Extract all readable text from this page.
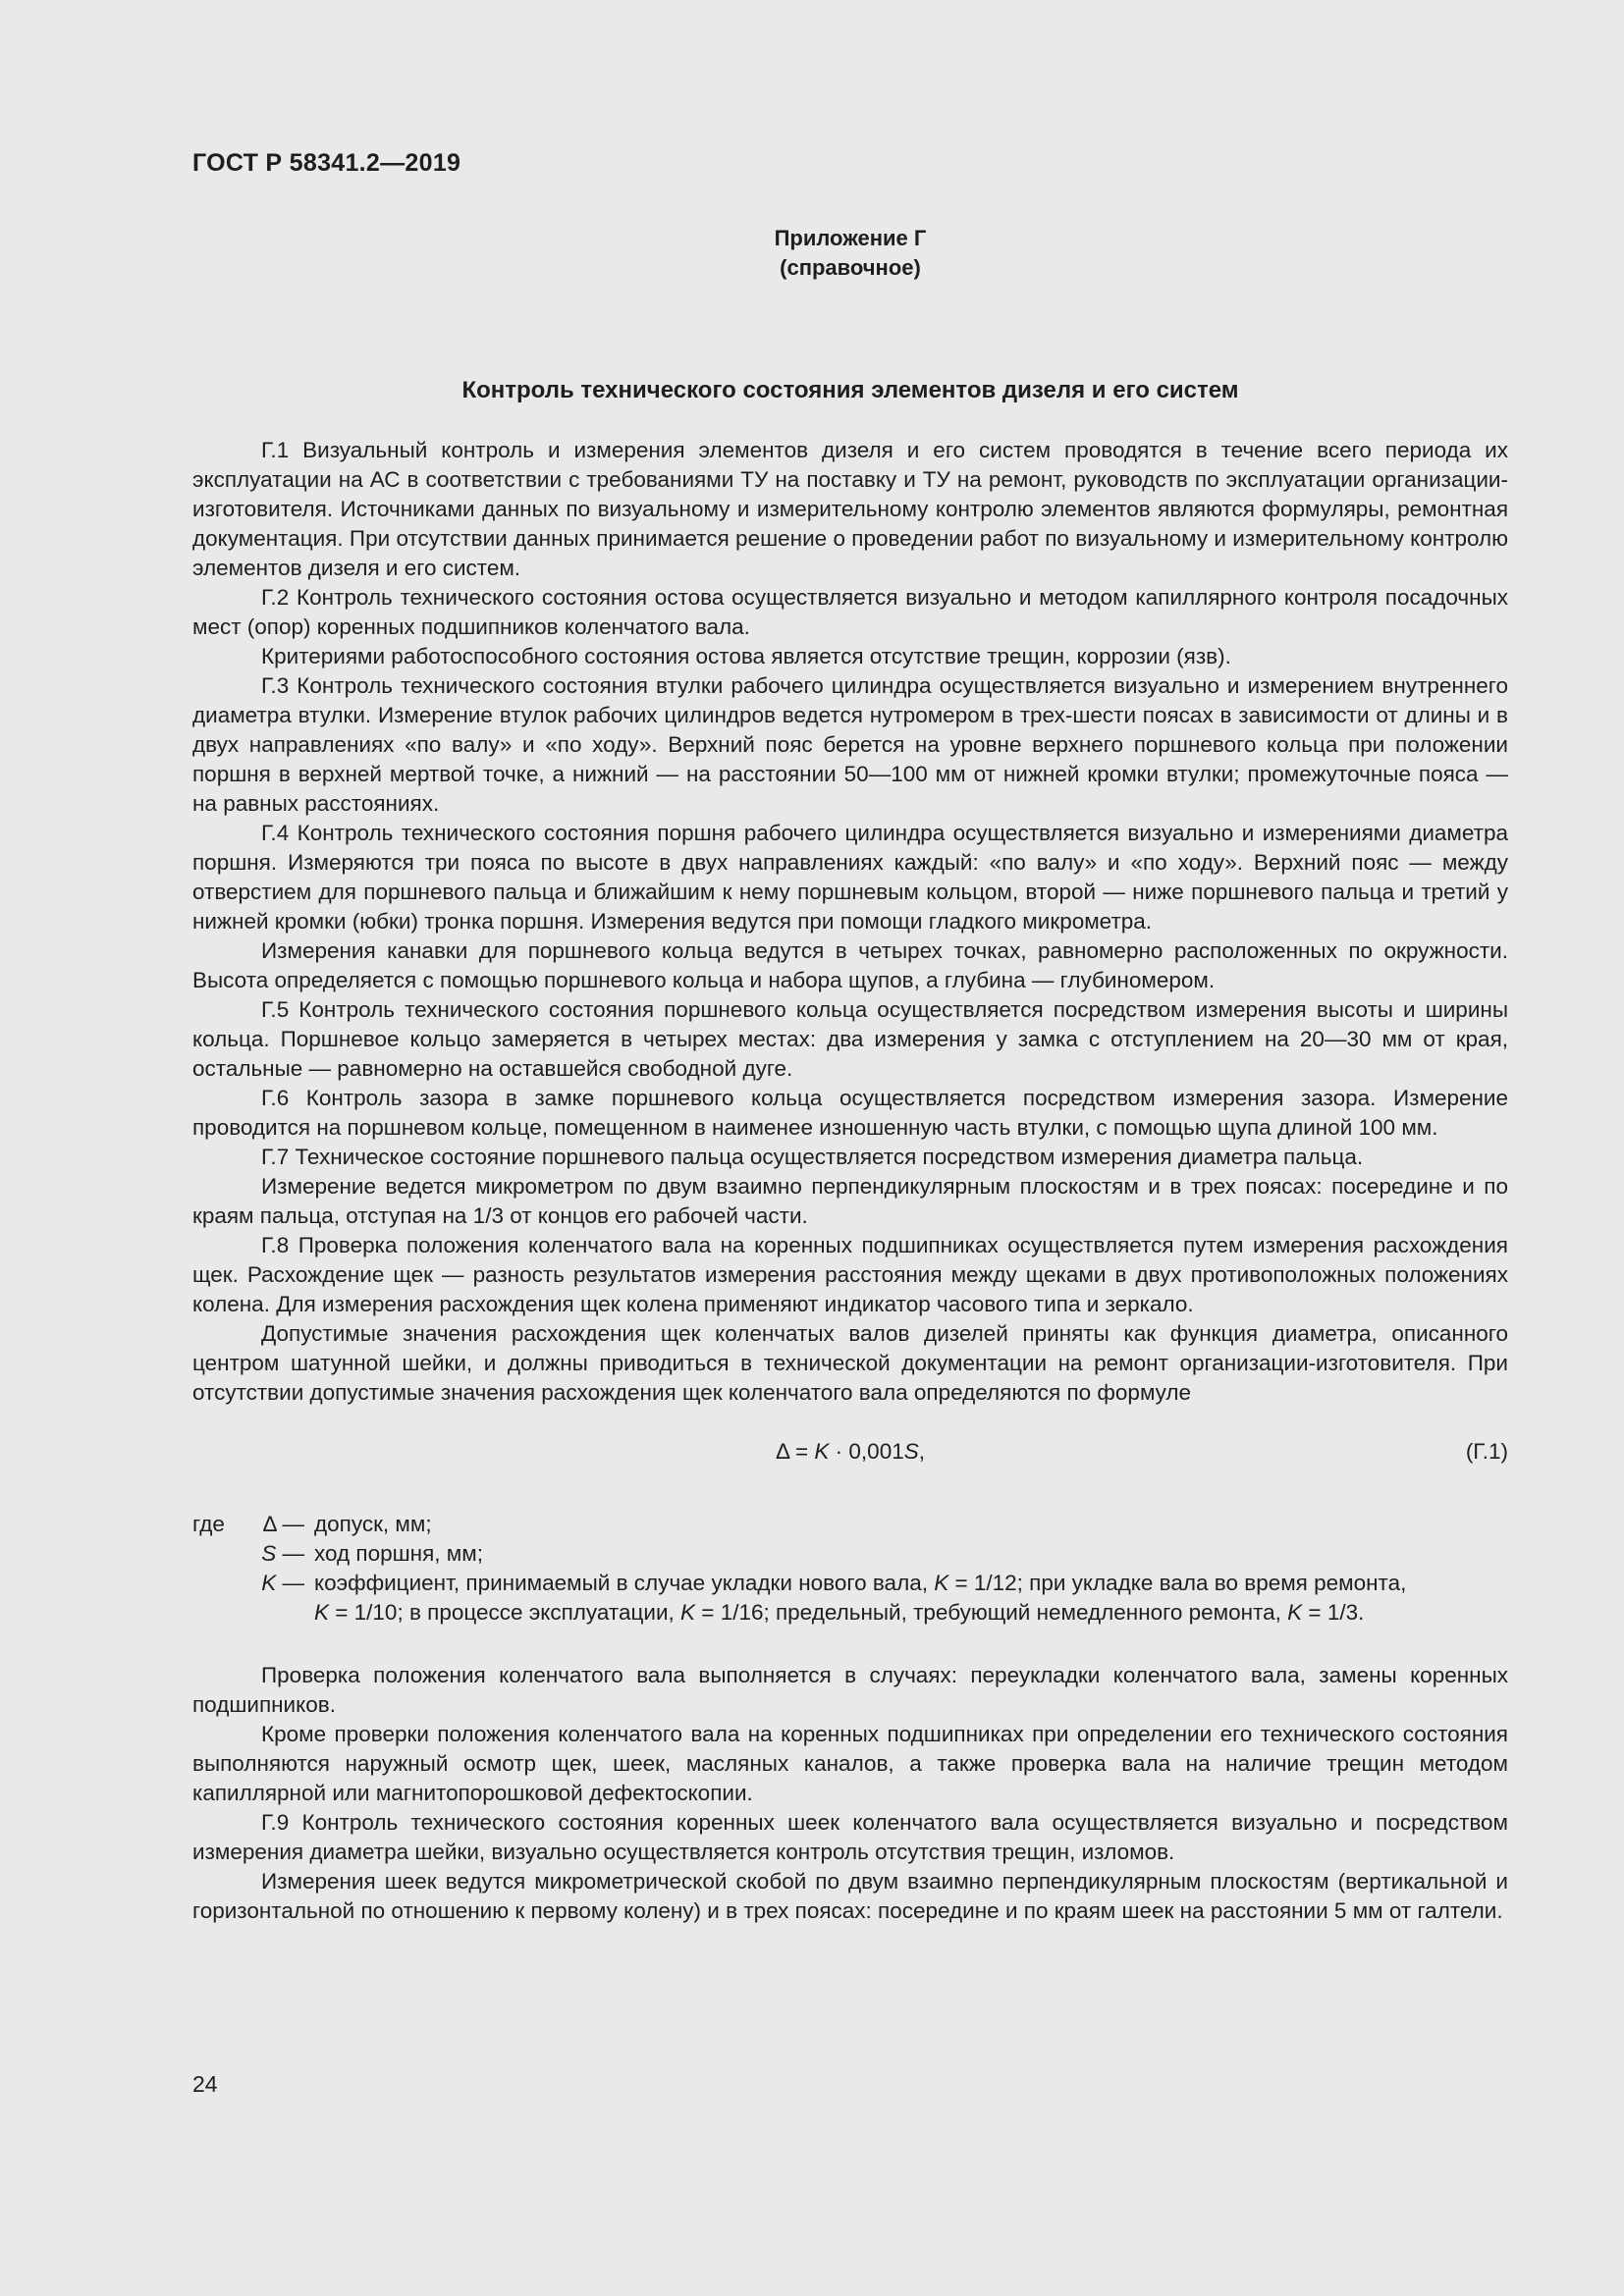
ГОСТ Р 58341.2—2019
Приложение Г
(справочное)
Контроль технического состояния элементов дизеля и его систем

Г.1 Визуальный контроль и измерения элементов дизеля и его систем проводятся в течение всего периода их эксплуатации на АС в соответствии с требованиями ТУ на поставку и ТУ на ремонт, руководств по эксплуатации организации-изготовителя. Источниками данных по визуальному и измерительному контролю элементов являются формуляры, ремонтная документация. При отсутствии данных принимается решение о проведении работ по визуальному и измерительному контролю элементов дизеля и его систем.

Г.2 Контроль технического состояния остова осуществляется визуально и методом капиллярного контроля посадочных мест (опор) коренных подшипников коленчатого вала.

Критериями работоспособного состояния остова является отсутствие трещин, коррозии (язв).

Г.3 Контроль технического состояния втулки рабочего цилиндра осуществляется визуально и измерением внутреннего диаметра втулки. Измерение втулок рабочих цилиндров ведется нутромером в трех-шести поясах в зависимости от длины и в двух направлениях «по валу» и «по ходу». Верхний пояс берется на уровне верхнего поршневого кольца при положении поршня в верхней мертвой точке, а нижний — на расстоянии 50—100 мм от нижней кромки втулки; промежуточные пояса — на равных расстояниях.

Г.4 Контроль технического состояния поршня рабочего цилиндра осуществляется визуально и измерениями диаметра поршня. Измеряются три пояса по высоте в двух направлениях каждый: «по валу» и «по ходу». Верхний пояс — между отверстием для поршневого пальца и ближайшим к нему поршневым кольцом, второй — ниже поршневого пальца и третий у нижней кромки (юбки) тронка поршня. Измерения ведутся при помощи гладкого микрометра.

Измерения канавки для поршневого кольца ведутся в четырех точках, равномерно расположенных по окружности. Высота определяется с помощью поршневого кольца и набора щупов, а глубина — глубиномером.

Г.5 Контроль технического состояния поршневого кольца осуществляется посредством измерения высоты и ширины кольца. Поршневое кольцо замеряется в четырех местах: два измерения у замка с отступлением на 20—30 мм от края, остальные — равномерно на оставшейся свободной дуге.

Г.6 Контроль зазора в замке поршневого кольца осуществляется посредством измерения зазора. Измерение проводится на поршневом кольце, помещенном в наименее изношенную часть втулки, с помощью щупа длиной 100 мм.

Г.7 Техническое состояние поршневого пальца осуществляется посредством измерения диаметра пальца.

Измерение ведется микрометром по двум взаимно перпендикулярным плоскостям и в трех поясах: посередине и по краям пальца, отступая на 1/3 от концов его рабочей части.

Г.8 Проверка положения коленчатого вала на коренных подшипниках осуществляется путем измерения расхождения щек. Расхождение щек — разность результатов измерения расстояния между щеками в двух противоположных положениях колена. Для измерения расхождения щек колена применяют индикатор часового типа и зеркало.

Допустимые значения расхождения щек коленчатых валов дизелей приняты как функция диаметра, описанного центром шатунной шейки, и должны приводиться в технической документации на ремонт организации-изготовителя. При отсутствии допустимые значения расхождения щек коленчатого вала определяются по формуле

Δ = K · 0,001S,	(Г.1)
где	Δ — допуск, мм;
S — ход поршня, мм;
K — коэффициент, принимаемый в случае укладки нового вала, K = 1/12; при укладке вала во время ремонта,
K = 1/10; в процессе эксплуатации, K = 1/16; предельный, требующий немедленного ремонта, K = 1/3.

Проверка положения коленчатого вала выполняется в случаях: переукладки коленчатого вала, замены коренных подшипников.

Кроме проверки положения коленчатого вала на коренных подшипниках при определении его технического состояния выполняются наружный осмотр щек, шеек, масляных каналов, а также проверка вала на наличие трещин методом капиллярной или магнитопорошковой дефектоскопии.

Г.9 Контроль технического состояния коренных шеек коленчатого вала осуществляется визуально и посредством измерения диаметра шейки, визуально осуществляется контроль отсутствия трещин, изломов.

Измерения шеек ведутся микрометрической скобой по двум взаимно перпендикулярным плоскостям (вертикальной и горизонтальной по отношению к первому колену) и в трех поясах: посередине и по краям шеек на расстоянии 5 мм от галтели.

24
